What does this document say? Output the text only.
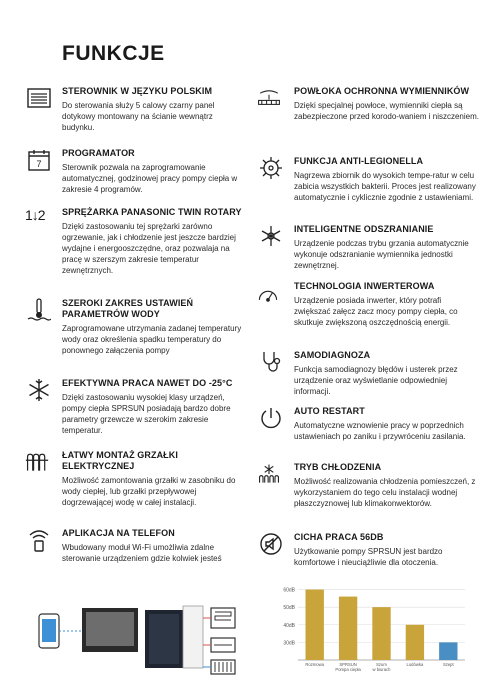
FUNKCJE
STEROWNIK W JĘZYKU POLSKIM

Do sterowania służy 5 calowy czarny panel dotykowy montowany na ścianie wewnątrz budynku.

7
PROGRAMATOR

Sterownik pozwala na zaprogramowanie automatycznej, godzinowej pracy pompy ciepła w zakresie 4 programów.

1↓2	SPRĘŻARKA PANASONIC TWIN ROTARY

Dzięki zastosowaniu tej sprężarki zarówno ogrzewanie, jak i chłodzenie jest jeszcze bardziej wydajne i energooszczędne, oraz pozwalaja na pracę w szerszym zakresie temperatur zewnętrznych.

SZEROKI ZAKRES USTAWIEŃ PARAMETRÓW WODY

Zaprogramowane utrzymania zadanej temperatury wody oraz określenia spadku temperatury do ponownego załączenia pompy

EFEKTYWNA PRACA NAWET DO -25°C

Dzięki zastosowaniu wysokiej klasy urządzeń, pompy ciepła SPRSUN posiadają bardzo dobre parametry grzewcze w szerokim zakresie temperatur.

ŁATWY MONTAŻ GRZAŁKI ELEKTRYCZNEJ

Możliwość zamontowania grzałki w zasobniku do wody ciepłej, lub grzałki przepływowej dogrzewającej wodę w całej instalacji.

APLIKACJA NA TELEFON

Wbudowany moduł Wi-Fi umożliwia zdalne sterowanie urządzeniem gdzie kolwiek jesteś

POWŁOKA OCHRONNA WYMIENNIKÓW

Dzięki specjalnej powłoce, wymienniki ciepła są zabezpieczone przed korodo-waniem i niszczeniem.

FUNKCJA ANTI-LEGIONELLA

Nagrzewa zbiornik do wysokich tempe-ratur w celu zabicia wszystkich bakterii. Proces jest realizowany automatycznie i cyklicznie zgodnie z ustawieniami.

INTELIGENTNE ODSZRANIANIE

Urządzenie podczas trybu grzania automatycznie wykonuje odszranianie wymiennika jednostki zewnętrznej.

TECHNOLOGIA INWERTEROWA

Urządzenie posiada inwerter, który potrafi zwiększać załęcz zacz mocy pompy ciepła, co skutkuje zwiększoną oszczędnością energii.

SAMODIAGNOZA

Funkcja samodiagnozy błędów i usterek przez urządzenie oraz wyświetlanie odpowiedniej informacji.

AUTO RESTART

Automatyczne wznowienie pracy w poprzednich ustawieniach po zaniku i przywróceniu zasilania.

TRYB CHŁODZENIA

Możliwość realizowania chłodzenia pomieszczeń, z wykorzystaniem do tego celu instalacji wodnej płaszczyznowej lub klimakonwektorów.

CICHA PRACA 56DB

Użytkowanie pompy SPRSUN jest bardzo komfortowe i nieuciążliwie dla otoczenia.

60dB
50dB
40dB
30dB
Rozmowa	SPRSUN
Pompa ciepła
Szum
w biurach
Lodówka	Szept
